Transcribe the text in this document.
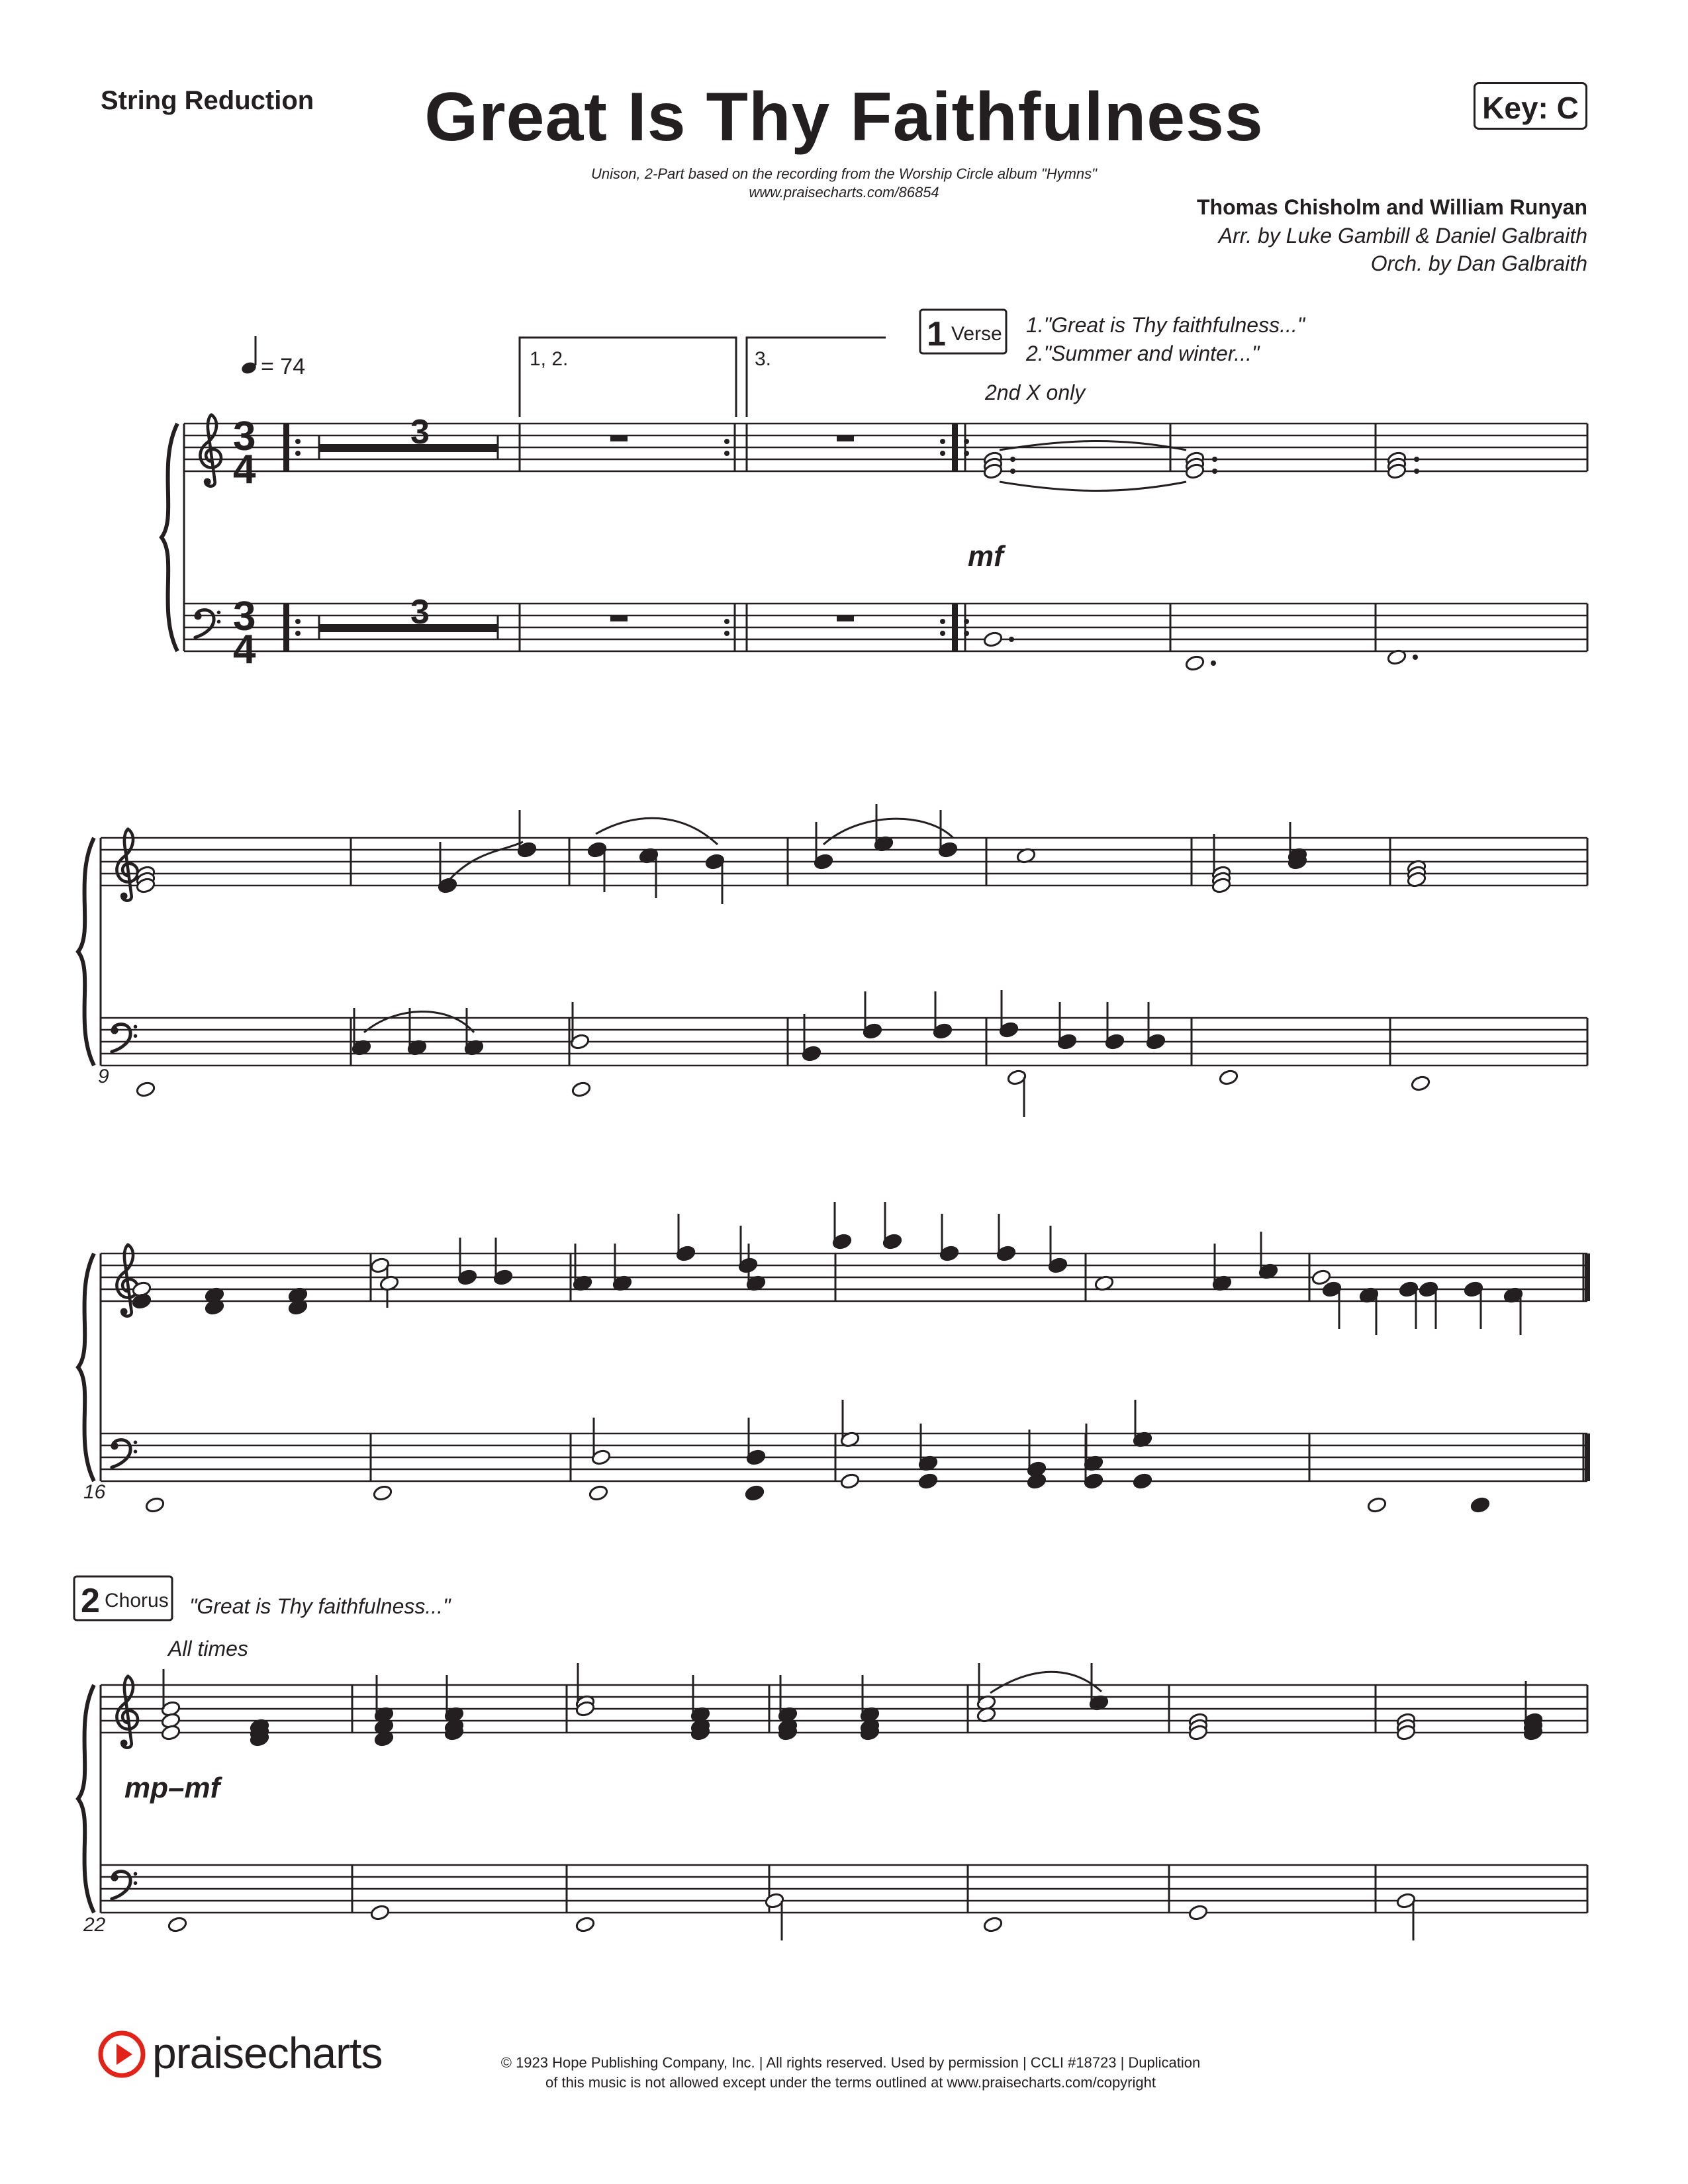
String Reduction	Great Is Thy Faithfulness	Key: C
Unison, 2-Part based on the recording from the Worship Circle album "Hymns"
www.praisecharts.com/86854
Thomas Chisholm and William Runyan
Arr. by Luke Gambill & Daniel Galbraith
Orch. by Dan Galbraith
= 74	1, 2.	3.
1 Verse 1."Great is Thy faithfulness..."
2."Summer and winter..."
2nd X only
mf
3
3
3
4
3
4
9
16
2 Chorus "Great is Thy faithfulness..."
All times
mp–mf
22
praisecharts	© 1923 Hope Publishing Company, Inc. | All rights reserved. Used by permission | CCLI #18723 | Duplication
of this music is not allowed except under the terms outlined at www.praisecharts.com/copyright
